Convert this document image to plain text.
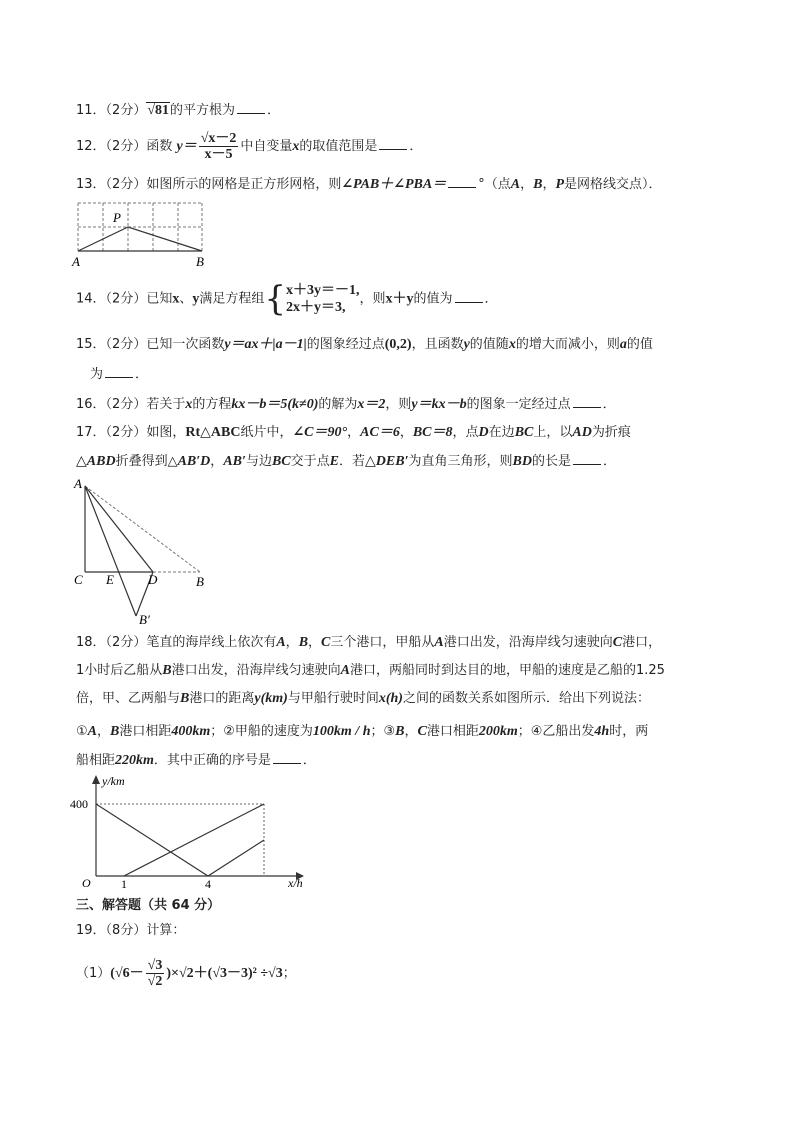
11．（2分）√81的平方根为 ．
12．（2分）函数 $y= \frac{√x-2}{x-5}$ 中自变量x的取值范围是 ．
13．（2分）如图所示的网格是正方形网格，则∠PAB＋∠PBA＝ °（点A，B，P是网格线交点）．
P
A	B
14．（2分）已知x、y满足方程组{ x＋3y＝－1,
2x＋y＝3,
，则x＋y的值为 ．
15．（2分）已知一次函数y＝ax＋|a－1|的图象经过点(0,2)，且函数y的值随x的增大而减小，则a的值
为 ．
16．（2分）若关于x的方程kx－b＝5(k≠0)的解为x＝2，则y＝kx－b的图象一定经过点 ．
17．（2分）如图，Rt△ABC纸片中，∠C＝90°，AC＝6，BC＝8，点D在边BC上，以AD为折痕
△ABD折叠得到△AB′D，AB′与边BC交于点E．若△DEB′为直角三角形，则BD的长是 ．
A
C E	D	B
B′
18．（2分）笔直的海岸线上依次有A，B，C三个港口，甲船从A港口出发，沿海岸线匀速驶向C港口，
1小时后乙船从B港口出发，沿海岸线匀速驶向A港口，两船同时到达目的地，甲船的速度是乙船的1.25
倍，甲、乙两船与B港口的距离y(km)与甲船行驶时间x(h)之间的函数关系如图所示．给出下列说法：
①A，B港口相距400km；②甲船的速度为100km / h；③B，C港口相距200km；④乙船出发4h时，两
船相距220km．其中正确的序号是 ．
y/km
x/h
O
400
1	4
三、解答题（共 64 分）
19．（8分）计算：
$(1)(√6- \frac{√3}{√2} )\times√2+(√3-3)^2 \div√3$；
